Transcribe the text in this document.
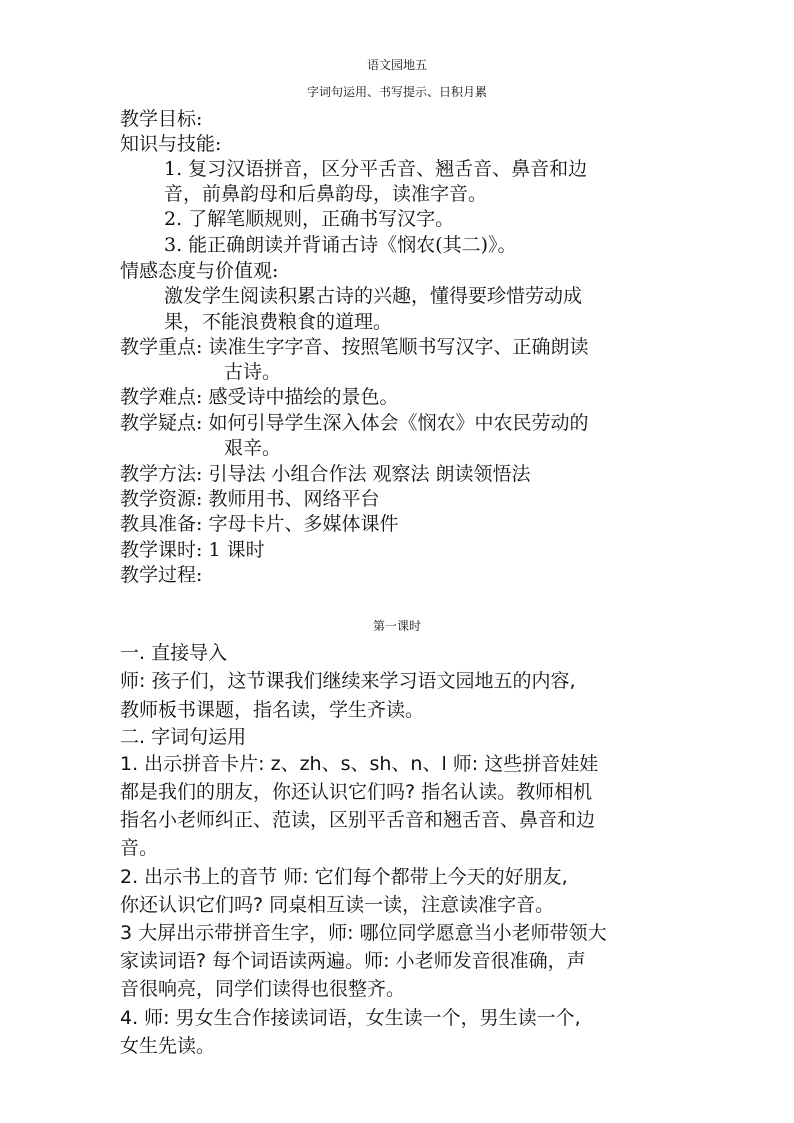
语文园地五
字词句运用、书写提示、日积月累
教学目标:
知识与技能:
1. 复习汉语拼音，区分平舌音、翘舌音、鼻音和边
音，前鼻韵母和后鼻韵母，读准字音。
2. 了解笔顺规则，正确书写汉字。
3. 能正确朗读并背诵古诗《悯农(其二)》。
情感态度与价值观:
激发学生阅读积累古诗的兴趣，懂得要珍惜劳动成
果，不能浪费粮食的道理。
教学重点: 读准生字字音、按照笔顺书写汉字、正确朗读
古诗。
教学难点: 感受诗中描绘的景色。
教学疑点: 如何引导学生深入体会《悯农》中农民劳动的
艰辛。
教学方法: 引导法 小组合作法 观察法 朗读领悟法
教学资源: 教师用书、网络平台
教具准备: 字母卡片、多媒体课件
教学课时: 1 课时
教学过程:
第一课时
一. 直接导入
师: 孩子们，这节课我们继续来学习语文园地五的内容,
教师板书课题，指名读，学生齐读。
二. 字词句运用
1. 出示拼音卡片: z、zh、s、sh、n、l 师: 这些拼音娃娃
都是我们的朋友，你还认识它们吗? 指名认读。教师相机
指名小老师纠正、范读，区别平舌音和翘舌音、鼻音和边
音。
2. 出示书上的音节 师: 它们每个都带上今天的好朋友,
你还认识它们吗? 同桌相互读一读，注意读准字音。
3 大屏出示带拼音生字，师: 哪位同学愿意当小老师带领大
家读词语? 每个词语读两遍。师: 小老师发音很准确，声
音很响亮，同学们读得也很整齐。
4. 师: 男女生合作接读词语，女生读一个，男生读一个,
女生先读。
